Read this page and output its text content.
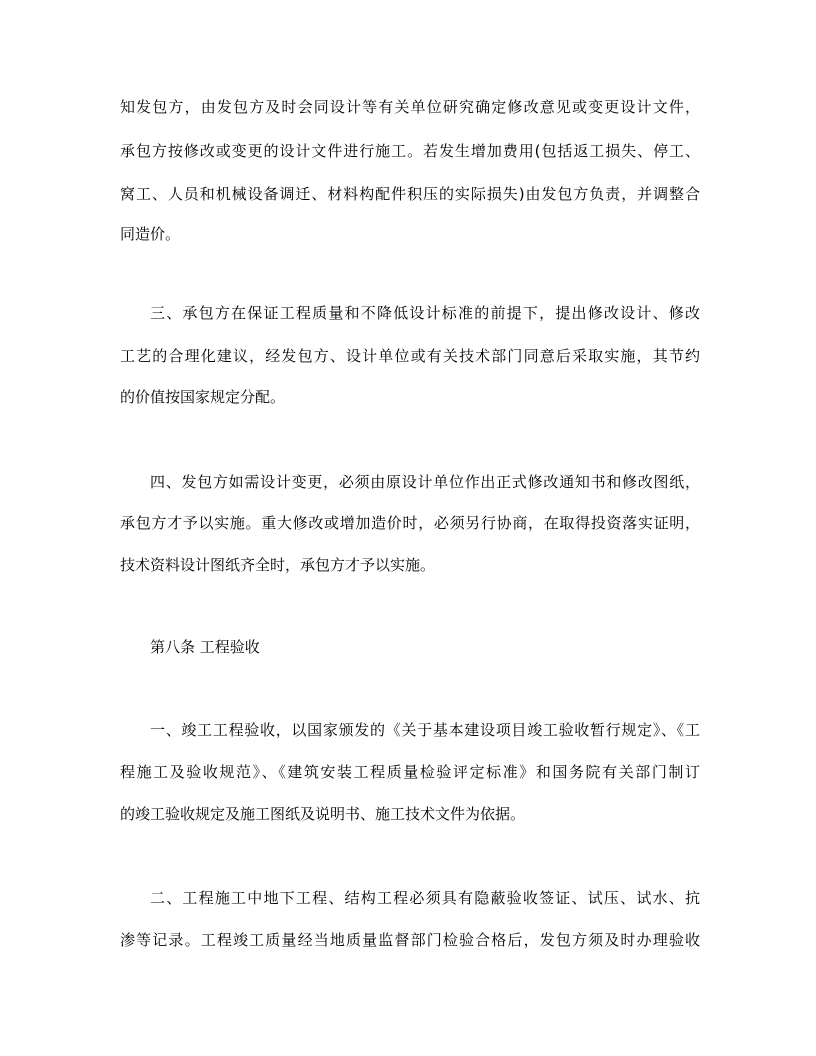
知发包方，由发包方及时会同设计等有关单位研究确定修改意见或变更设计文件，
承包方按修改或变更的设计文件进行施工。若发生增加费用(包括返工损失、停工、
窝工、人员和机械设备调迁、材料构配件积压的实际损失)由发包方负责，并调整合
同造价。
三、承包方在保证工程质量和不降低设计标准的前提下，提出修改设计、修改
工艺的合理化建议，经发包方、设计单位或有关技术部门同意后采取实施，其节约
的价值按国家规定分配。
四、发包方如需设计变更，必须由原设计单位作出正式修改通知书和修改图纸，
承包方才予以实施。重大修改或增加造价时，必须另行协商，在取得投资落实证明，
技术资料设计图纸齐全时，承包方才予以实施。
第八条 工程验收
一、竣工工程验收，以国家颁发的《关于基本建设项目竣工验收暂行规定》、《工
程施工及验收规范》、《建筑安装工程质量检验评定标准》和国务院有关部门制订
的竣工验收规定及施工图纸及说明书、施工技术文件为依据。
二、工程施工中地下工程、结构工程必须具有隐蔽验收签证、试压、试水、抗
渗等记录。工程竣工质量经当地质量监督部门检验合格后，发包方须及时办理验收
